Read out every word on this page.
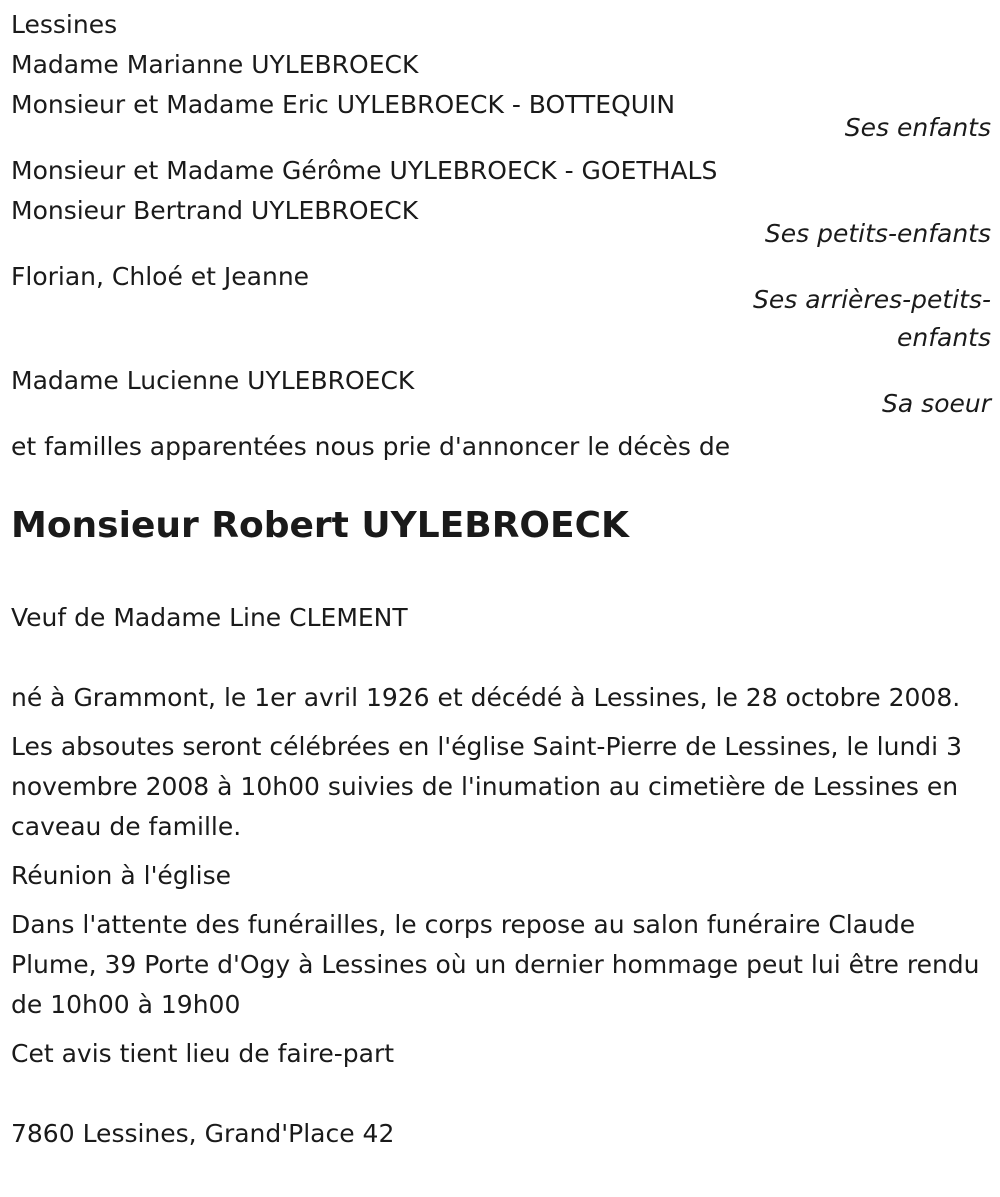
Lessines
Madame Marianne UYLEBROECK
Monsieur et Madame Eric UYLEBROECK - BOTTEQUIN
Ses enfants
Monsieur et Madame Gérôme UYLEBROECK - GOETHALS
Monsieur Bertrand UYLEBROECK
Ses petits-enfants
Florian, Chloé et Jeanne
Ses arrières-petits-
enfants
Madame Lucienne UYLEBROECK
Sa soeur
et familles apparentées nous prie d'annoncer le décès de
Monsieur Robert UYLEBROECK
Veuf de Madame Line CLEMENT

né à Grammont, le 1er avril 1926 et décédé à Lessines, le 28 octobre 2008.

Les absoutes seront célébrées en l'église Saint-Pierre de Lessines, le lundi 3 novembre 2008 à 10h00 suivies de l'inumation au cimetière de Lessines en caveau de famille.

Réunion à l'église

Dans l'attente des funérailles, le corps repose au salon funéraire Claude Plume, 39 Porte d'Ogy à Lessines où un dernier hommage peut lui être rendu de 10h00 à 19h00

Cet avis tient lieu de faire-part

7860 Lessines, Grand'Place 42
